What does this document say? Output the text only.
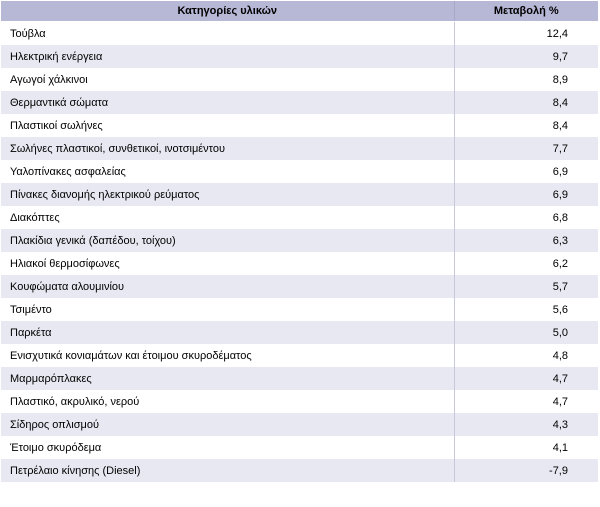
Κατηγορίες υλικών	Μεταβολή %
Τούβλα	12,4
Ηλεκτρική ενέργεια	9,7
Αγωγοί χάλκινοι	8,9
Θερμαντικά σώματα	8,4
Πλαστικοί σωλήνες	8,4
Σωλήνες πλαστικοί, συνθετικοί, ινοτσιμέντου	7,7
Υαλοπίνακες ασφαλείας	6,9
Πίνακες διανομής ηλεκτρικού ρεύματος	6,9
Διακόπτες	6,8
Πλακίδια γενικά (δαπέδου, τοίχου)	6,3
Ηλιακοί θερμοσίφωνες	6,2
Κουφώματα αλουμινίου	5,7
Τσιμέντο	5,6
Παρκέτα	5,0
Ενισχυτικά κονιαμάτων και έτοιμου σκυροδέματος	4,8
Μαρμαρόπλακες	4,7
Πλαστικό, ακρυλικό, νερού	4,7
Σίδηρος οπλισμού	4,3
Έτοιμο σκυρόδεμα	4,1
Πετρέλαιο κίνησης (Diesel)	-7,9
